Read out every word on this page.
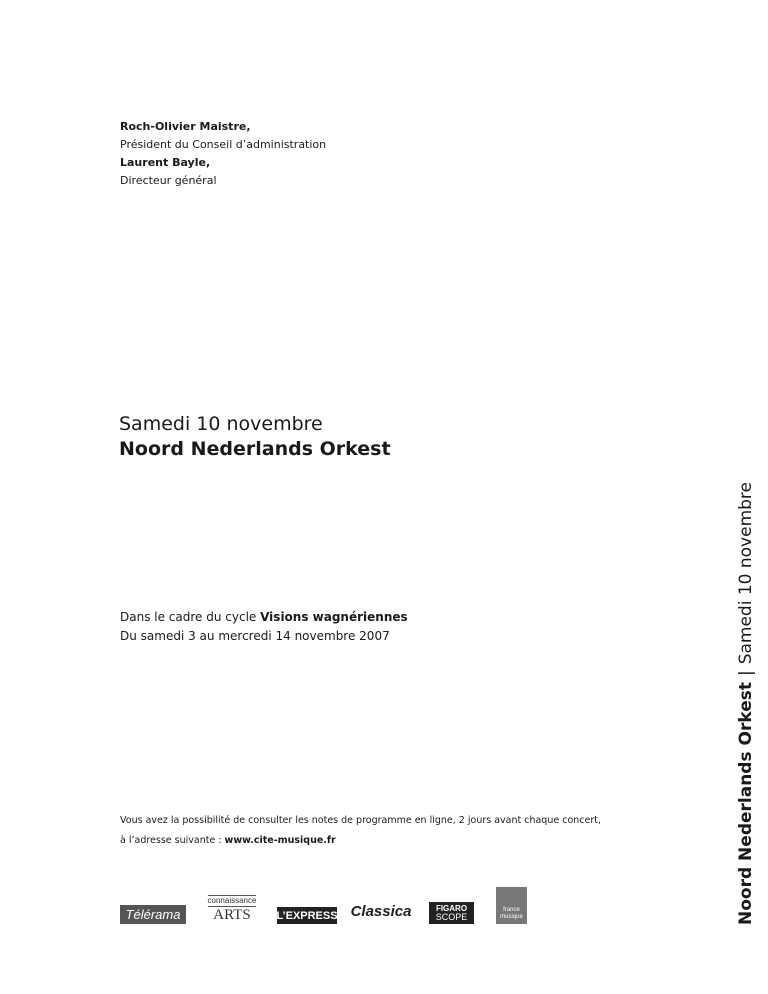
Roch-Olivier Maistre,
Président du Conseil d’administration
Laurent Bayle,
Directeur général
Samedi 10 novembre
Noord Nederlands Orkest
Dans le cadre du cycle Visions wagnériennes
Du samedi 3 au mercredi 14 novembre 2007
Vous avez la possibilité de consulter les notes de programme en ligne, 2 jours avant chaque concert,
à l’adresse suivante : www.cite-musique.fr	Noord Nederlands Orkest|Samedi 10 novembre
Télérama
connaissance
ARTS L’EXPRESS Classica	FIGARO
SCOPE
france
musique
